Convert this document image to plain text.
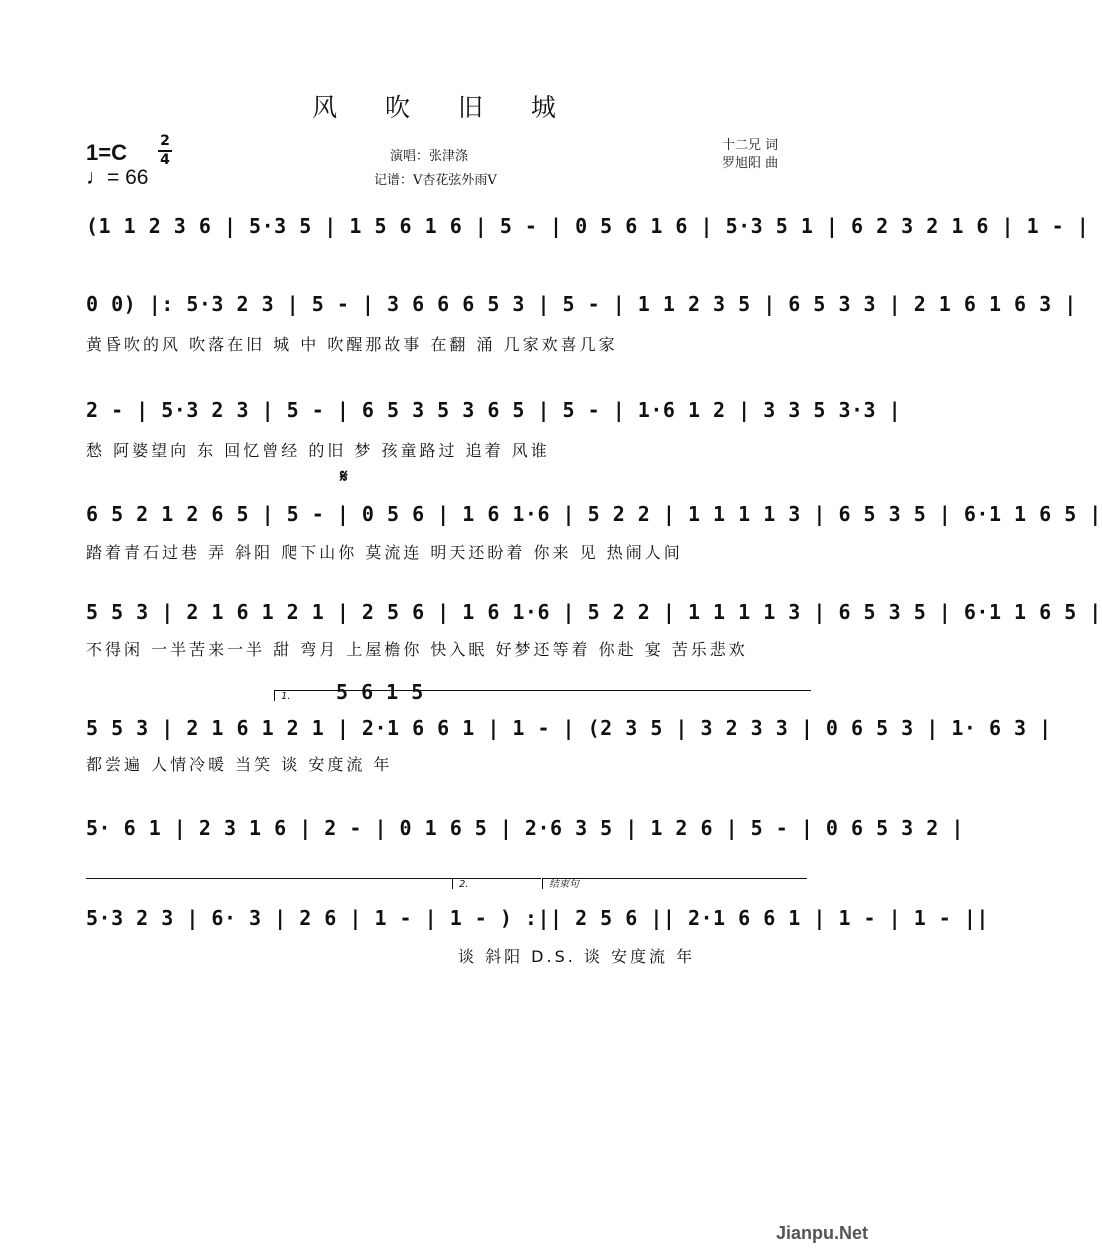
风 吹 旧 城
1=C 2
4
♩= 66
演唱：张津涤
记谱：V杏花弦外雨V
十二兄 词
罗旭阳 曲
(1 1 2 3 6 | 5·3 5 | 1 5 6 1 6 | 5 - | 0 5 6 1 6 | 5·3 5 1 | 6 2 3 2 1 6 | 1 - |
0 0) |: 5·3 2 3 | 5 - | 3 6 6 6 5 3 | 5 - | 1 1 2 3 5 | 6 5 3 3 | 2 1 6 1 6 3 |
黄昏吹的风 吹落在旧 城 中 吹醒那故事 在翻 涌 几家欢喜几家
2 - | 5·3 2 3 | 5 - | 6 5 3 5 3 6 5 | 5 - | 1·6 1 2 | 3 3 5 3·3 |
愁 阿婆望向 东 回忆曾经 的旧 梦 孩童路过 追着 风谁
𝄋
6 5 2 1 2 6 5 | 5 - | 0 5 6 | 1 6 1·6 | 5 2 2 | 1 1 1 1 3 | 6 5 3 5 | 6·1 1 6 5 |
踏着青石过巷 弄 斜阳 爬下山你 莫流连 明天还盼着 你来 见 热闹人间
5 5 3 | 2 1 6 1 2 1 | 2 5 6 | 1 6 1·6 | 5 2 2 | 1 1 1 1 3 | 6 5 3 5 | 6·1 1 6 5 |
不得闲 一半苦来一半 甜 弯月 上屋檐你 快入眠 好梦还等着 你赴 宴 苦乐悲欢
1.	5 6 1 5
5 5 3 | 2 1 6 1 2 1 | 2·1 6 6 1 | 1 - | (2 3 5 | 3 2 3 3 | 0 6 5 3 | 1· 6 3 |
都尝遍 人情冷暖 当笑 谈 安度流 年
5· 6 1 | 2 3 1 6 | 2 - | 0 1 6 5 | 2·6 3 5 | 1 2 6 | 5 - | 0 6 5 3 2 |
2.	结束句
5·3 2 3 | 6· 3 | 2 6 | 1 - | 1 - ) :|| 2 5 6 || 2·1 6 6 1 | 1 - | 1 - ||
谈 斜阳 D.S. 谈 安度流 年
Jianpu.Net
